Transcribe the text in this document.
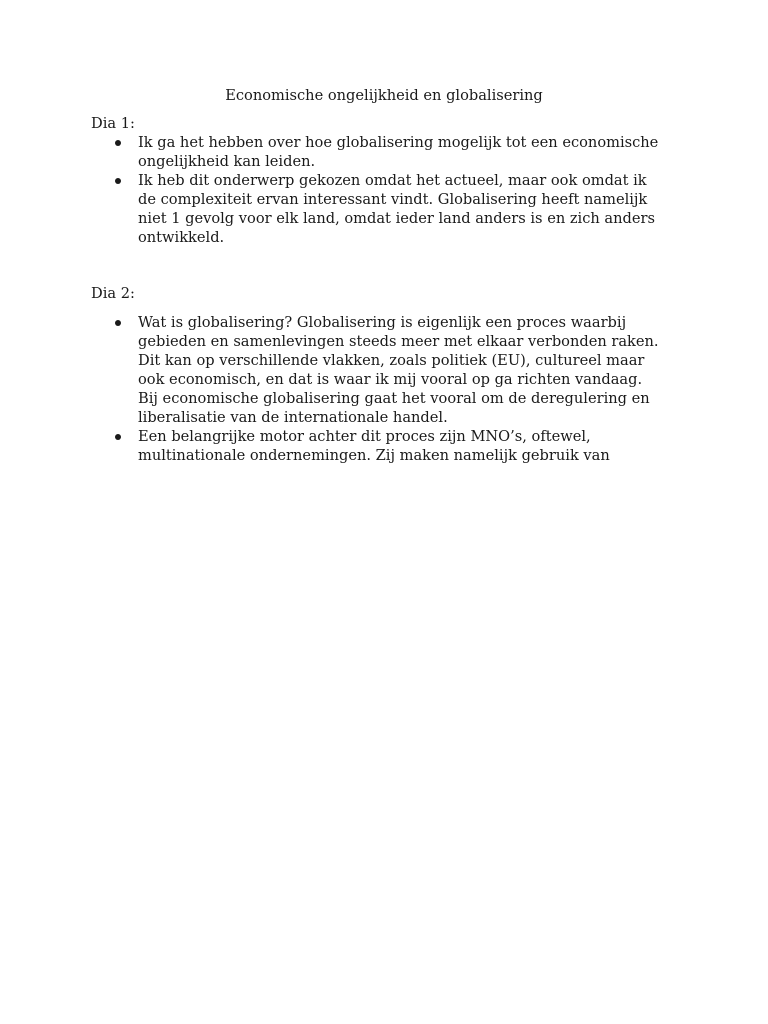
Economische ongelijkheid en globalisering
Dia 1:
Ik ga het hebben over hoe globalisering mogelijk tot een economische
ongelijkheid kan leiden.
Ik heb dit onderwerp gekozen omdat het actueel, maar ook omdat ik
de complexiteit ervan interessant vindt. Globalisering heeft namelijk
niet 1 gevolg voor elk land, omdat ieder land anders is en zich anders
ontwikkeld.
Dia 2:
Wat is globalisering? Globalisering is eigenlijk een proces waarbij
gebieden en samenlevingen steeds meer met elkaar verbonden raken.
Dit kan op verschillende vlakken, zoals politiek (EU), cultureel maar
ook economisch, en dat is waar ik mij vooral op ga richten vandaag.
Bij economische globalisering gaat het vooral om de deregulering en
liberalisatie van de internationale handel.
Een belangrijke motor achter dit proces zijn MNO’s, oftewel,
multinationale ondernemingen. Zij maken namelijk gebruik van
